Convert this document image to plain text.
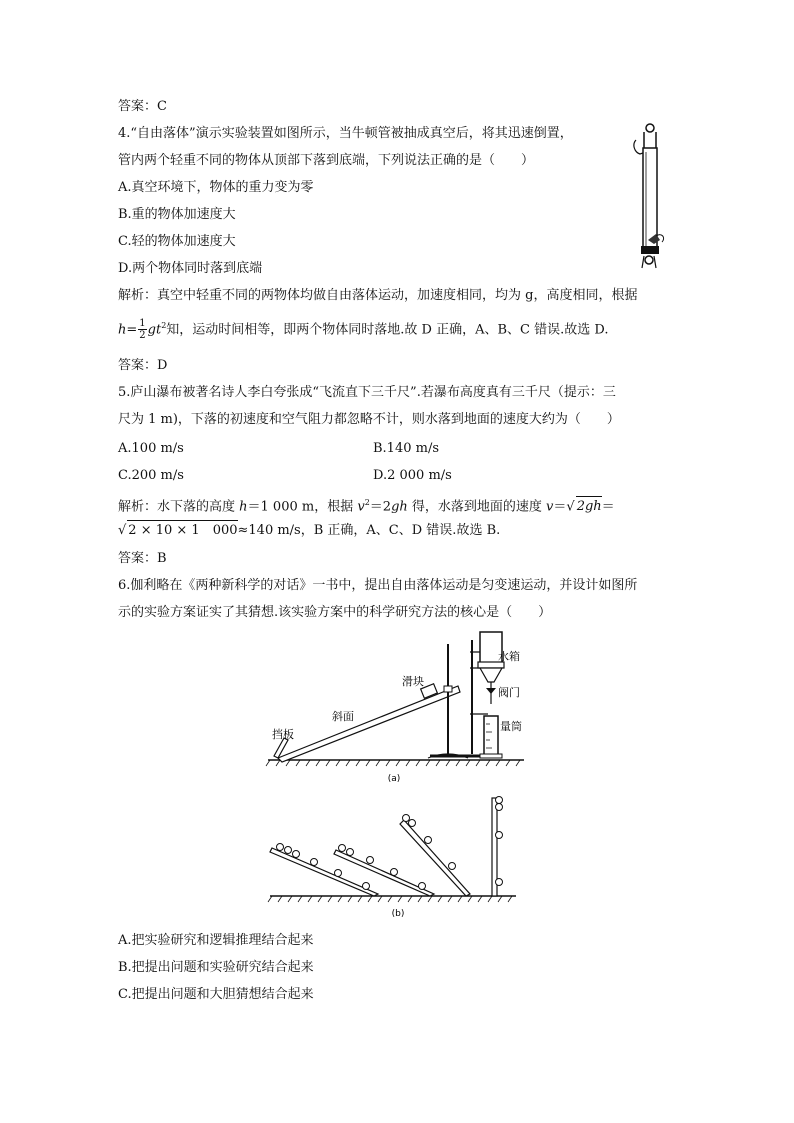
答案：C
4.“自由落体”演示实验装置如图所示，当牛顿管被抽成真空后，将其迅速倒置，
管内两个轻重不同的物体从顶部下落到底端，下列说法正确的是（　　）
A.真空环境下，物体的重力变为零
B.重的物体加速度大
C.轻的物体加速度大
D.两个物体同时落到底端
解析：真空中轻重不同的两物体均做自由落体运动，加速度相同，均为 g，高度相同，根据
$h= \frac{1}{2} gt^2$知，运动时间相等，即两个物体同时落地.故 D 正确，A、B、C 错误.故选 D.
答案：D
5.庐山瀑布被著名诗人李白夸张成“飞流直下三千尺”.若瀑布高度真有三千尺（提示：三
尺为 1 m)，下落的初速度和空气阻力都忽略不计，则水落到地面的速度大约为（　　）
A.100 m/s	B.140 m/s
C.200 m/s	D.2 000 m/s
解析：水下落的高度 h＝1 000 m，根据 $v^2=2gh$ 得，水落到地面的速度 v＝√ 2gh＝
√ 2 × 10 × 1　000≈140 m/s，B 正确，A、C、D 错误.故选 B.
答案：B
6.伽利略在《两种新科学的对话》一书中，提出自由落体运动是匀变速运动，并设计如图所
示的实验方案证实了其猜想.该实验方案中的科学研究方法的核心是（　　）
滑块
斜面
挡板
水箱
阀门
量筒
(a)
(b)
A.把实验研究和逻辑推理结合起来
B.把提出问题和实验研究结合起来
C.把提出问题和大胆猜想结合起来
